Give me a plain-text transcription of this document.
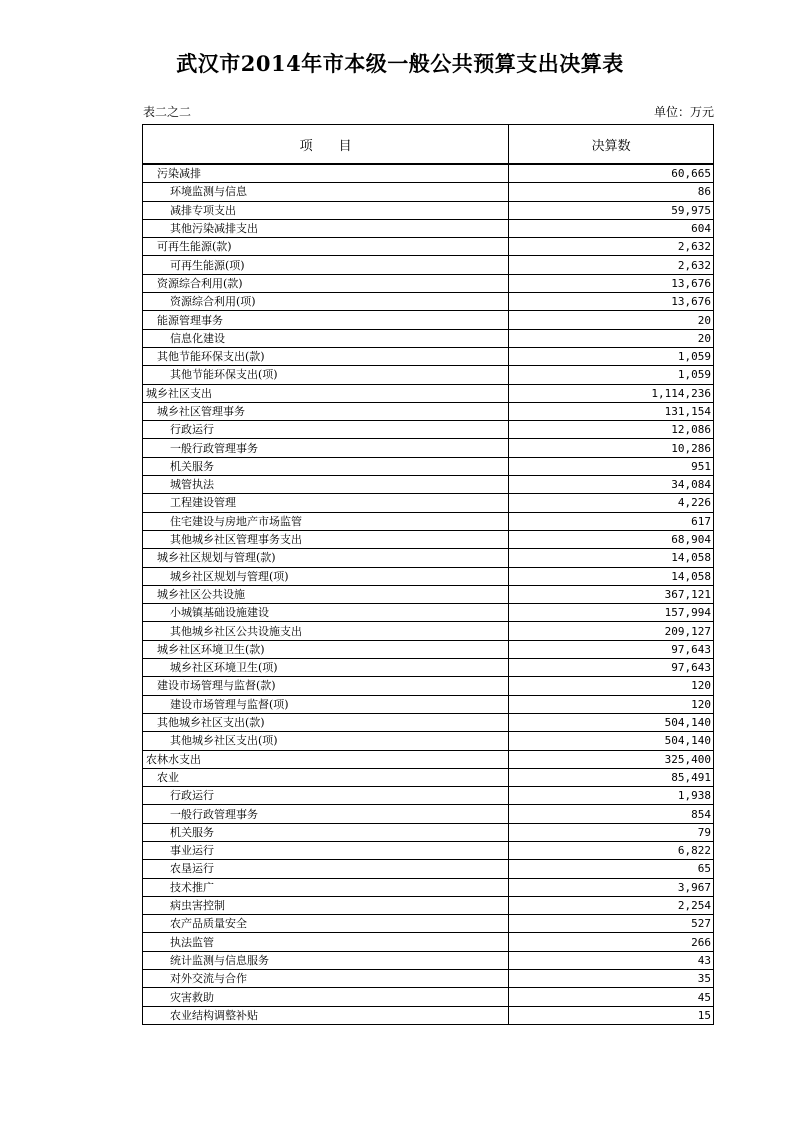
武汉市2014年市本级一般公共预算支出决算表
表二之二	单位：万元
项　　目	决算数
污染减排	60,665
环境监测与信息	86
减排专项支出	59,975
其他污染减排支出	604
可再生能源(款)	2,632
可再生能源(项)	2,632
资源综合利用(款)	13,676
资源综合利用(项)	13,676
能源管理事务	20
信息化建设	20
其他节能环保支出(款)	1,059
其他节能环保支出(项)	1,059
城乡社区支出	1,114,236
城乡社区管理事务	131,154
行政运行	12,086
一般行政管理事务	10,286
机关服务	951
城管执法	34,084
工程建设管理	4,226
住宅建设与房地产市场监管	617
其他城乡社区管理事务支出	68,904
城乡社区规划与管理(款)	14,058
城乡社区规划与管理(项)	14,058
城乡社区公共设施	367,121
小城镇基础设施建设	157,994
其他城乡社区公共设施支出	209,127
城乡社区环境卫生(款)	97,643
城乡社区环境卫生(项)	97,643
建设市场管理与监督(款)	120
建设市场管理与监督(项)	120
其他城乡社区支出(款)	504,140
其他城乡社区支出(项)	504,140
农林水支出	325,400
农业	85,491
行政运行	1,938
一般行政管理事务	854
机关服务	79
事业运行	6,822
农垦运行	65
技术推广	3,967
病虫害控制	2,254
农产品质量安全	527
执法监管	266
统计监测与信息服务	43
对外交流与合作	35
灾害救助	45
农业结构调整补贴	15
